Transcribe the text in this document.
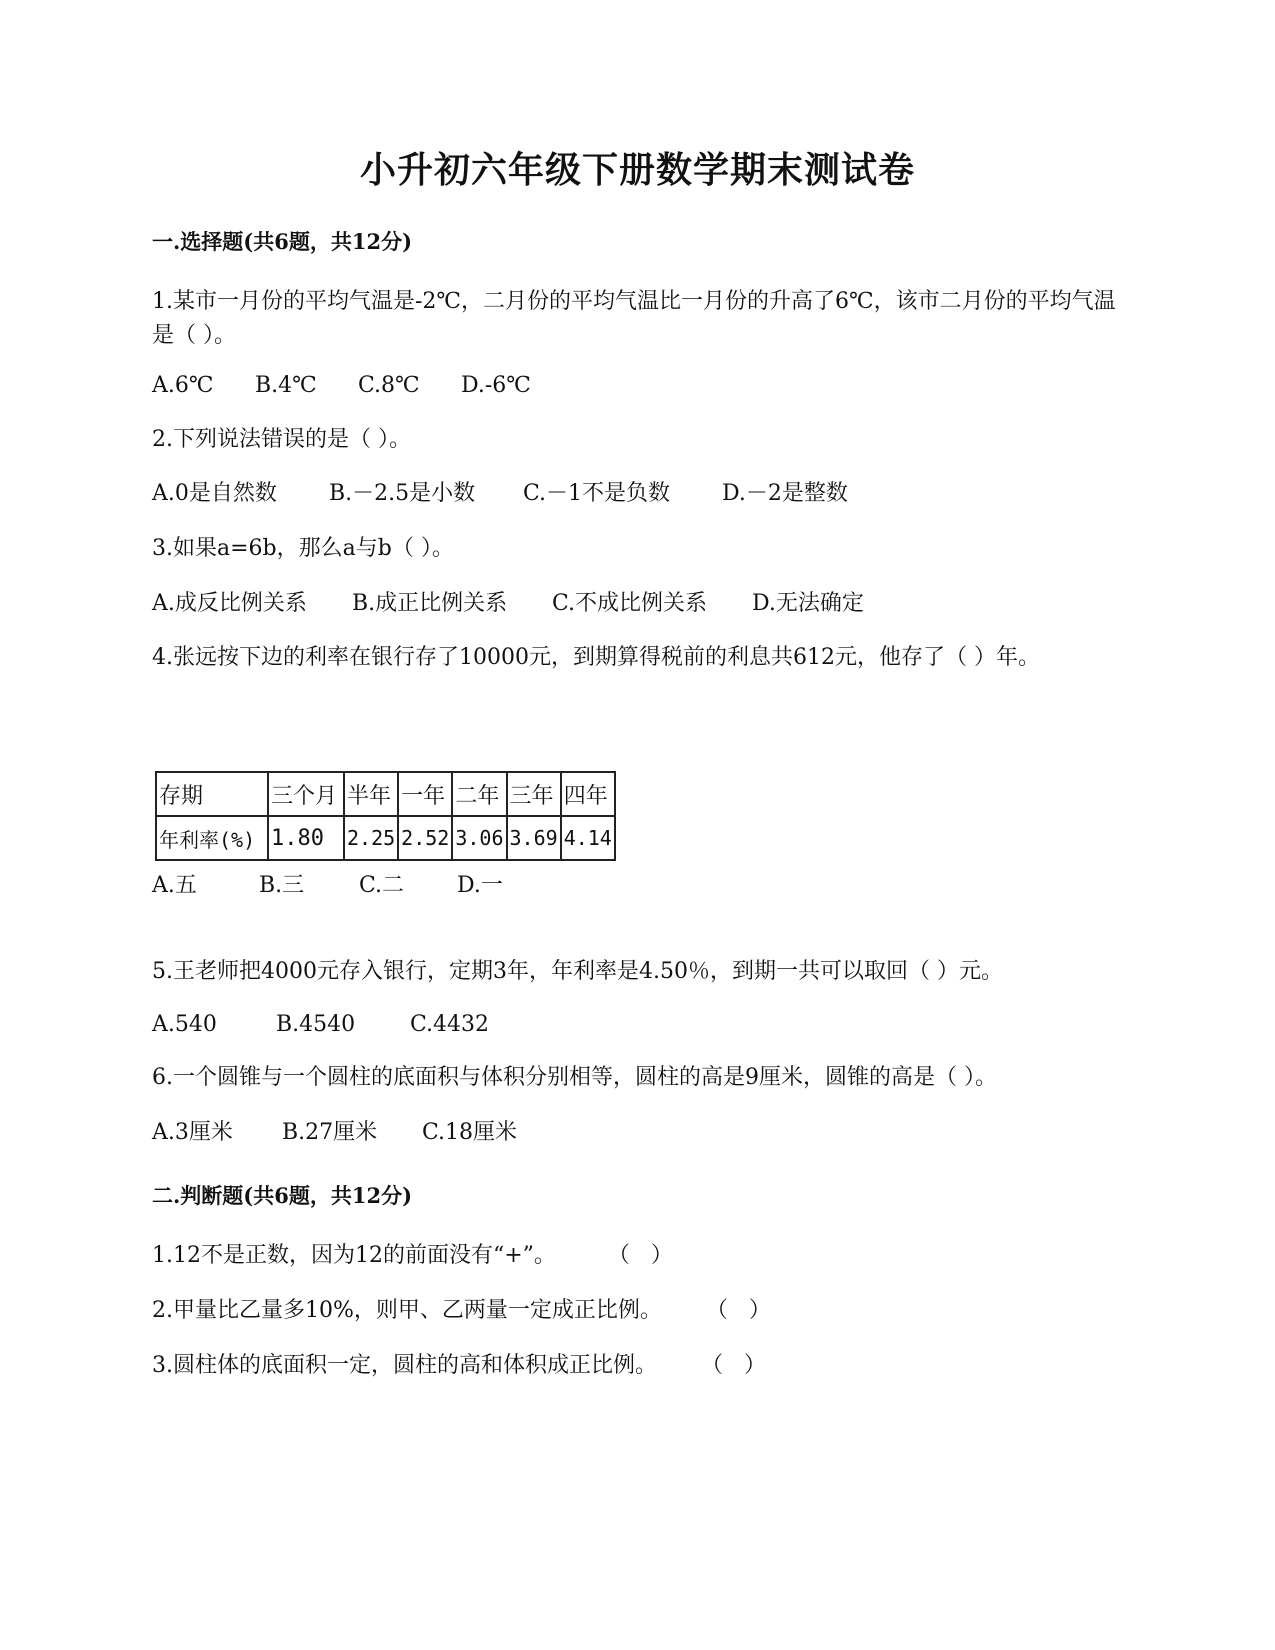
小升初六年级下册数学期末测试卷
一.选择题(共6题，共12分)

1.某市一月份的平均气温是-2℃，二月份的平均气温比一月份的升高了6℃，该市二月份的平均气温是（ ）。

A.6℃ B.4℃ C.8℃ D.-6℃

2.下列说法错误的是（ ）。

A.0是自然数 B.－2.5是小数 C.－1不是负数 D.－2是整数

3.如果a=6b，那么a与b（ ）。

A.成反比例关系 B.成正比例关系 C.不成比例关系 D.无法确定

4.张远按下边的利率在银行存了10000元，到期算得税前的利息共612元，他存了（ ）年。

存期	三个月	半年	一年	二年	三年	四年
年利率(%)	1.80	2.25	2.52	3.06	3.69	4.14
A.五	B.三 C.二 D.一

5.王老师把4000元存入银行，定期3年，年利率是4.50％，到期一共可以取回（ ）元。

A.540	B.4540 C.4432

6.一个圆锥与一个圆柱的底面积与体积分别相等，圆柱的高是9厘米，圆锥的高是（ ）。

A.3厘米 B.27厘米 C.18厘米
二.判断题(共6题，共12分)
1.12不是正数，因为12的前面没有“+”。 （   ）
2.甲量比乙量多10%，则甲、乙两量一定成正比例。 （   ）
3.圆柱体的底面积一定，圆柱的高和体积成正比例。 （   ）
